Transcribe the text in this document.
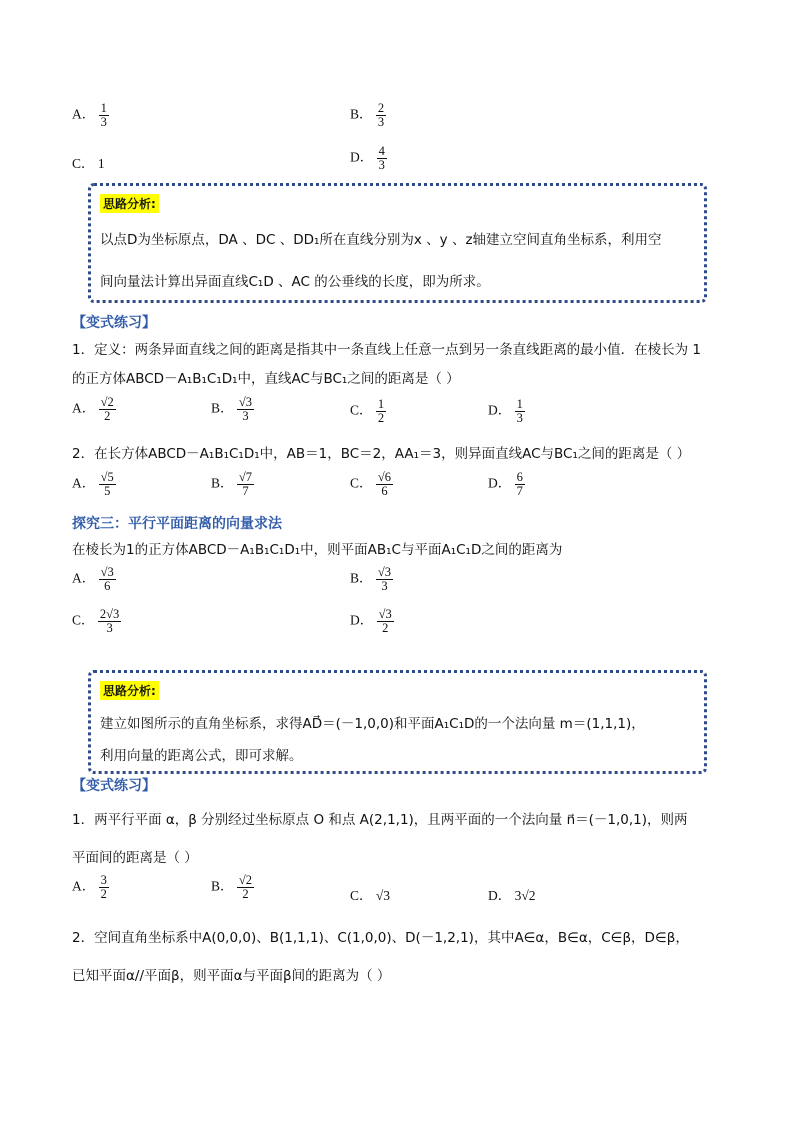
A． $\frac{1}{3}$	B． $\frac{2}{3}$
C． 1	D． $\frac{4}{3}$
思路分析:
以点D为坐标原点，DA 、DC 、DD₁所在直线分别为x 、y 、z轴建立空间直角坐标系，利用空
间向量法计算出异面直线C₁D 、AC 的公垂线的长度，即为所求。
【变式练习】
1．定义：两条异面直线之间的距离是指其中一条直线上任意一点到另一条直线距离的最小值．在棱长为 1
的正方体ABCD－A₁B₁C₁D₁中，直线AC与BC₁之间的距离是（ ）
A． $\frac{√2}{2}$	B． $\frac{√3}{3}$	C． $\frac{1}{2}$	D． $\frac{1}{3}$
2．在长方体ABCD－A₁B₁C₁D₁中，AB＝1，BC＝2，AA₁＝3，则异面直线AC与BC₁之间的距离是（ ）
A． $\frac{√5}{5}$	B． $\frac{√7}{7}$	C． $\frac{√6}{6}$	D． $\frac{6}{7}$
探究三：平行平面距离的向量求法
在棱长为1的正方体ABCD－A₁B₁C₁D₁中，则平面AB₁C与平面A₁C₁D之间的距离为
A． $\frac{√3}{6}$	B． $\frac{√3}{3}$
C． $\frac{2√3}{3}$	D． $\frac{√3}{2}$
思路分析:
建立如图所示的直角坐标系，求得AD⃗＝(－1,0,0)和平面A₁C₁D的一个法向量 m＝(1,1,1)，
利用向量的距离公式，即可求解。
【变式练习】
1．两平行平面 α，β 分别经过坐标原点 O 和点 A(2,1,1)，且两平面的一个法向量 n⃗＝(－1,0,1)，则两
平面间的距离是（ ）
A． $\frac{3}{2}$	B． $\frac{√2}{2}$	C． √3	D． 3√2
2．空间直角坐标系中A(0,0,0)、B(1,1,1)、C(1,0,0)、D(－1,2,1)，其中A∈α，B∈α，C∈β，D∈β，
已知平面α//平面β，则平面α与平面β间的距离为（ ）
